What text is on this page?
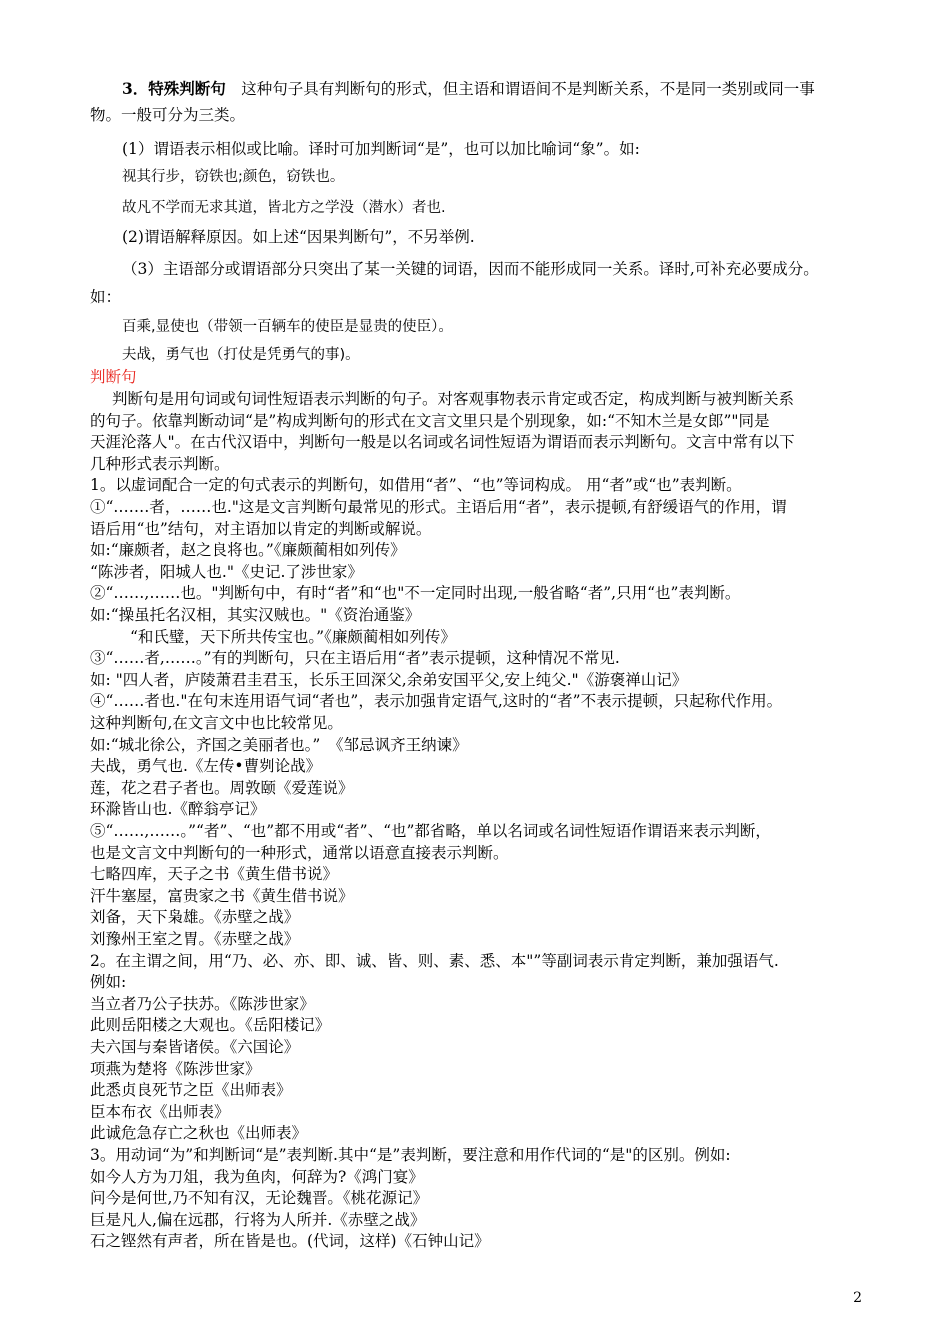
3．特殊判断句　这种句子具有判断句的形式，但主语和谓语间不是判断关系，不是同一类别或同一事
物。一般可分为三类。
(1）谓语表示相似或比喻。译时可加判断词“是”，也可以加比喻词“象”。如:
视其行步，窃铁也;颜色，窃铁也。
故凡不学而无求其道，皆北方之学没（潜水）者也.
(2)谓语解释原因。如上述“因果判断句”，不另举例.
（3）主语部分或谓语部分只突出了某一关键的词语，因而不能形成同一关系。译时,可补充必要成分。
如：
百乘,显使也（带领一百辆车的使臣是显贵的使臣）。
夫战，勇气也（打仗是凭勇气的事)。
判断句
判断句是用句词或句词性短语表示判断的句子。对客观事物表示肯定或否定，构成判断与被判断关系
的句子。依靠判断动词“是”构成判断句的形式在文言文里只是个别现象，如:“不知木兰是女郎”"同是
天涯沦落人"。在古代汉语中，判断句一般是以名词或名词性短语为谓语而表示判断句。文言中常有以下
几种形式表示判断。
1。以虚词配合一定的句式表示的判断句，如借用“者”、“也”等词构成。 用“者”或“也”表判断。
①“.……者，……也."这是文言判断句最常见的形式。主语后用“者”，表示提顿,有舒缓语气的作用，谓
语后用“也”结句，对主语加以肯定的判断或解说。
如:“廉颇者，赵之良将也。”《廉颇蔺相如列传》
“陈涉者，阳城人也."《史记.了涉世家》
②“……,……也。"判断句中，有时“者”和“也"不一定同时出现,一般省略“者”,只用“也”表判断。
如:“操虽托名汉相，其实汉贼也。"《资治通鉴》
“和氏璧，天下所共传宝也。”《廉颇蔺相如列传》
③“……者,……。”有的判断句，只在主语后用“者”表示提顿，这种情况不常见.
如: "四人者，庐陵萧君圭君玉，长乐王回深父,余弟安国平父,安上纯父."《游褒禅山记》
④“……者也."在句末连用语气词“者也”，表示加强肯定语气,这时的“者”不表示提顿，只起称代作用。
这种判断句,在文言文中也比较常见。
如:“城北徐公，齐国之美丽者也。”　《邹忌讽齐王纳谏》
夫战，勇气也.《左传•曹刿论战》
莲，花之君子者也。周敦颐《爱莲说》
环滁皆山也.《醉翁亭记》
⑤“……,……。”“者”、“也”都不用或“者”、“也”都省略，单以名词或名词性短语作谓语来表示判断，
也是文言文中判断句的一种形式，通常以语意直接表示判断。
七略四库，天子之书《黄生借书说》
汗牛塞屋，富贵家之书《黄生借书说》
刘备，天下枭雄。《赤壁之战》
刘豫州王室之胃。《赤壁之战》
2。在主谓之间，用“乃、必、亦、即、诚、皆、则、素、悉、本"”等副词表示肯定判断，兼加强语气.
例如:
当立者乃公子扶苏。《陈涉世家》
此则岳阳楼之大观也。《岳阳楼记》
夫六国与秦皆诸侯。《六国论》
项燕为楚将《陈涉世家》
此悉贞良死节之臣《出师表》
臣本布衣《出师表》
此诚危急存亡之秋也《出师表》
3。用动词“为”和判断词“是”表判断.其中“是”表判断，要注意和用作代词的“是"的区别。例如:
如今人方为刀俎，我为鱼肉，何辞为?《鸿门宴》
问今是何世,乃不知有汉，无论魏晋。《桃花源记》
巨是凡人,偏在远郡，行将为人所并.《赤壁之战》
石之铿然有声者，所在皆是也。(代词，这样)《石钟山记》
2
